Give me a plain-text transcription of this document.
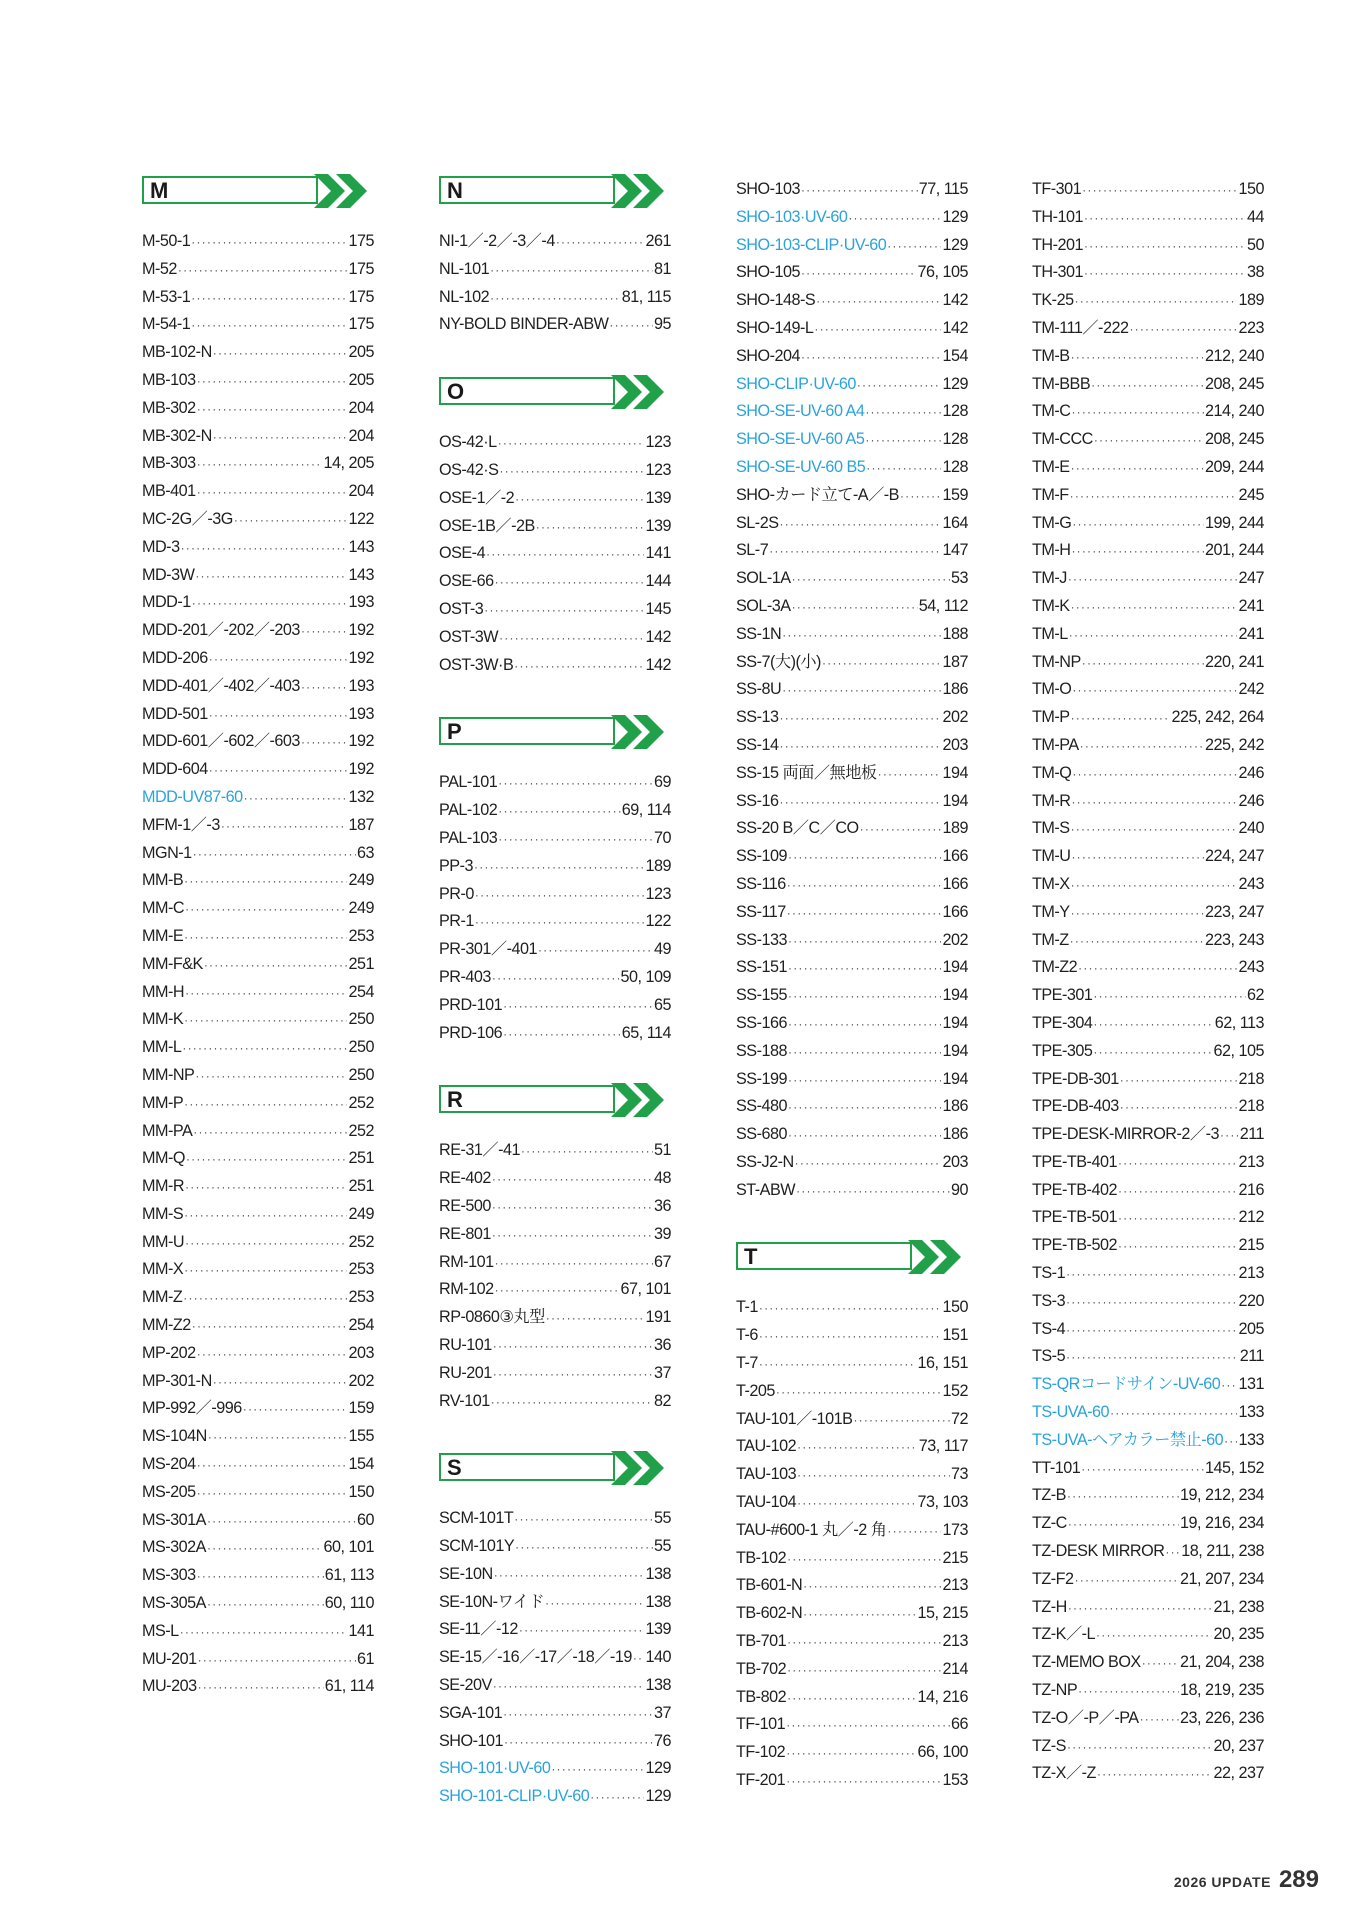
M
M-50-1 ·····	175
M-52 ·····	175
M-53-1 ·····	175
M-54-1 ·····	175
MB-102-N ·····	205
MB-103 ·····	205
MB-302 ·····	204
MB-302-N ·····	204
MB-303 ·····	14, 205
MB-401 ·····	204
MC-2G／-3G ·····	122
MD-3 ·····	143
MD-3W ·····	143
MDD-1 ·····	193
MDD-201／-202／-203 ·····	192
MDD-206 ·····	192
MDD-401／-402／-403 ·····	193
MDD-501 ·····	193
MDD-601／-602／-603 ·····	192
MDD-604 ·····	192
MDD-UV87-60 ·····	132
MFM-1／-3 ·····	187
MGN-1 ·····	63
MM-B ·····	249
MM-C ·····	249
MM-E ·····	253
MM-F&K ·····	251
MM-H ·····	254
MM-K ·····	250
MM-L ·····	250
MM-NP ·····	250
MM-P ·····	252
MM-PA ·····	252
MM-Q ·····	251
MM-R ·····	251
MM-S ·····	249
MM-U ·····	252
MM-X ·····	253
MM-Z ·····	253
MM-Z2 ·····	254
MP-202 ·····	203
MP-301-N ·····	202
MP-992／-996 ·····	159
MS-104N ·····	155
MS-204 ·····	154
MS-205 ·····	150
MS-301A ·····	60
MS-302A ·····	60, 101
MS-303 ·····	61, 113
MS-305A ·····	60, 110
MS-L ·····	141
MU-201 ·····	61
MU-203 ·····	61, 114
N
NI-1／-2／-3／-4 ·····	261
NL-101 ·····	81
NL-102 ·····	81, 115
NY-BOLD BINDER-ABW ·····	95
O
OS-42·L ·····	123
OS-42·S ·····	123
OSE-1／-2 ·····	139
OSE-1B／-2B ·····	139
OSE-4 ·····	141
OSE-66 ·····	144
OST-3 ·····	145
OST-3W ·····	142
OST-3W·B ·····	142
P
PAL-101 ·····	69
PAL-102 ·····	69, 114
PAL-103 ·····	70
PP-3 ·····	189
PR-0 ·····	123
PR-1 ·····	122
PR-301／-401 ·····	49
PR-403 ·····	50, 109
PRD-101 ·····	65
PRD-106 ·····	65, 114
R
RE-31／-41 ·····	51
RE-402 ·····	48
RE-500 ·····	36
RE-801 ·····	39
RM-101 ·····	67
RM-102 ·····	67, 101
RP-0860③丸型 ·····	191
RU-101 ·····	36
RU-201 ·····	37
RV-101 ·····	82
S
SCM-101T ·····	55
SCM-101Y ·····	55
SE-10N ·····	138
SE-10N-ワイド ·····	138
SE-11／-12 ·····	139
SE-15／-16／-17／-18／-19 ····· 140
SE-20V ·····	138
SGA-101 ·····	37
SHO-101 ·····	76
SHO-101·UV-60 ·····	129
SHO-101-CLIP·UV-60 ·····	129
SHO-103 ·····	77, 115
SHO-103·UV-60 ·····	129
SHO-103-CLIP·UV-60 ·····	129
SHO-105 ·····	76, 105
SHO-148-S ·····	142
SHO-149-L ·····	142
SHO-204 ·····	154
SHO-CLIP·UV-60 ·····	129
SHO-SE-UV-60 A4 ·····	128
SHO-SE-UV-60 A5 ·····	128
SHO-SE-UV-60 B5 ·····	128
SHO-カード立て-A／-B ·····	159
SL-2S ·····	164
SL-7 ·····	147
SOL-1A ·····	53
SOL-3A ·····	54, 112
SS-1N ·····	188
SS-7(大)(小) ·····	187
SS-8U ·····	186
SS-13 ·····	202
SS-14 ·····	203
SS-15 両面／無地板 ·····	194
SS-16 ·····	194
SS-20 B／C／CO ·····	189
SS-109 ·····	166
SS-116 ·····	166
SS-117 ·····	166
SS-133 ·····	202
SS-151 ·····	194
SS-155 ·····	194
SS-166 ·····	194
SS-188 ·····	194
SS-199 ·····	194
SS-480 ·····	186
SS-680 ·····	186
SS-J2-N ·····	203
ST-ABW ·····	90
T
T-1 ·····	150
T-6 ·····	151
T-7 ·····	16, 151
T-205 ·····	152
TAU-101／-101B ·····	72
TAU-102 ·····	73, 117
TAU-103 ·····	73
TAU-104 ·····	73, 103
TAU-#600-1 丸／-2 角 ·····	173
TB-102 ·····	215
TB-601-N ·····	213
TB-602-N ·····	15, 215
TB-701 ·····	213
TB-702 ·····	214
TB-802 ·····	14, 216
TF-101 ·····	66
TF-102 ·····	66, 100
TF-201 ·····	153
TF-301 ·····	150
TH-101 ·····	44
TH-201 ·····	50
TH-301 ·····	38
TK-25 ·····	189
TM-111／-222 ·····	223
TM-B ·····	212, 240
TM-BBB ·····	208, 245
TM-C ·····	214, 240
TM-CCC ·····	208, 245
TM-E ·····	209, 244
TM-F ·····	245
TM-G ·····	199, 244
TM-H ·····	201, 244
TM-J ·····	247
TM-K ·····	241
TM-L ·····	241
TM-NP ·····	220, 241
TM-O ·····	242
TM-P ·····	225, 242, 264
TM-PA ·····	225, 242
TM-Q ·····	246
TM-R ·····	246
TM-S ·····	240
TM-U ·····	224, 247
TM-X ·····	243
TM-Y ·····	223, 247
TM-Z ·····	223, 243
TM-Z2 ·····	243
TPE-301 ·····	62
TPE-304 ·····	62, 113
TPE-305 ·····	62, 105
TPE-DB-301 ·····	218
TPE-DB-403 ·····	218
TPE-DESK-MIRROR-2／-3 ····· 211
TPE-TB-401 ·····	213
TPE-TB-402 ·····	216
TPE-TB-501 ·····	212
TPE-TB-502 ·····	215
TS-1 ·····	213
TS-3 ·····	220
TS-4 ·····	205
TS-5 ·····	211
TS-QRコードサイン-UV-60 ····· 131
TS-UVA-60 ·····	133
TS-UVA-ヘアカラー禁止-60 ····· 133
TT-101 ·····	145, 152
TZ-B ·····	19, 212, 234
TZ-C ·····	19, 216, 234
TZ-DESK MIRROR ····· 18, 211, 238
TZ-F2 ·····	21, 207, 234
TZ-H ·····	21, 238
TZ-K／-L ·····	20, 235
TZ-MEMO BOX ····· 21, 204, 238
TZ-NP ·····	18, 219, 235
TZ-O／-P／-PA ·····	23, 226, 236
TZ-S ·····	20, 237
TZ-X／-Z ·····	22, 237
2026 UPDATE 289
